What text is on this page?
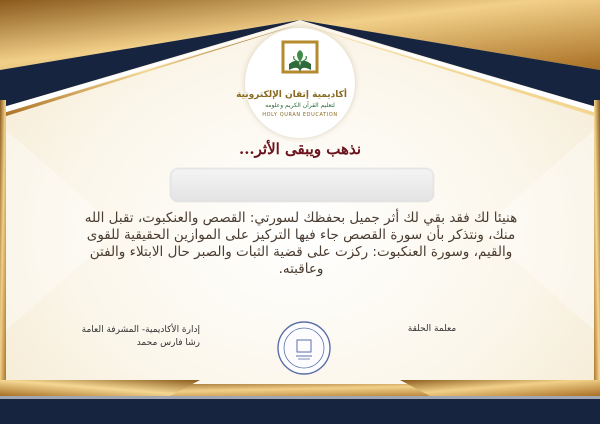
أكاديمية إتقان الإلكترونية
لتعليم القرآن الكريم وعلومه
HOLY QURAN EDUCATION
نذهب ويبقى الأثر...
هنيئا لك فقد بقي لك أثر جميل بحفظك لسورتي: القصص والعنكبوت، تقبل الله منك، ونتذكر بأن سورة القصص جاء فيها التركيز على الموازين الحقيقية للقوى والقيم، وسورة العنكبوت: ركزت على قضية الثبات والصبر حال الابتلاء والفتن وعاقبته.
إدارة الأكاديمية- المشرفة العامة
رشا فارس محمد
معلمة الحلقة
